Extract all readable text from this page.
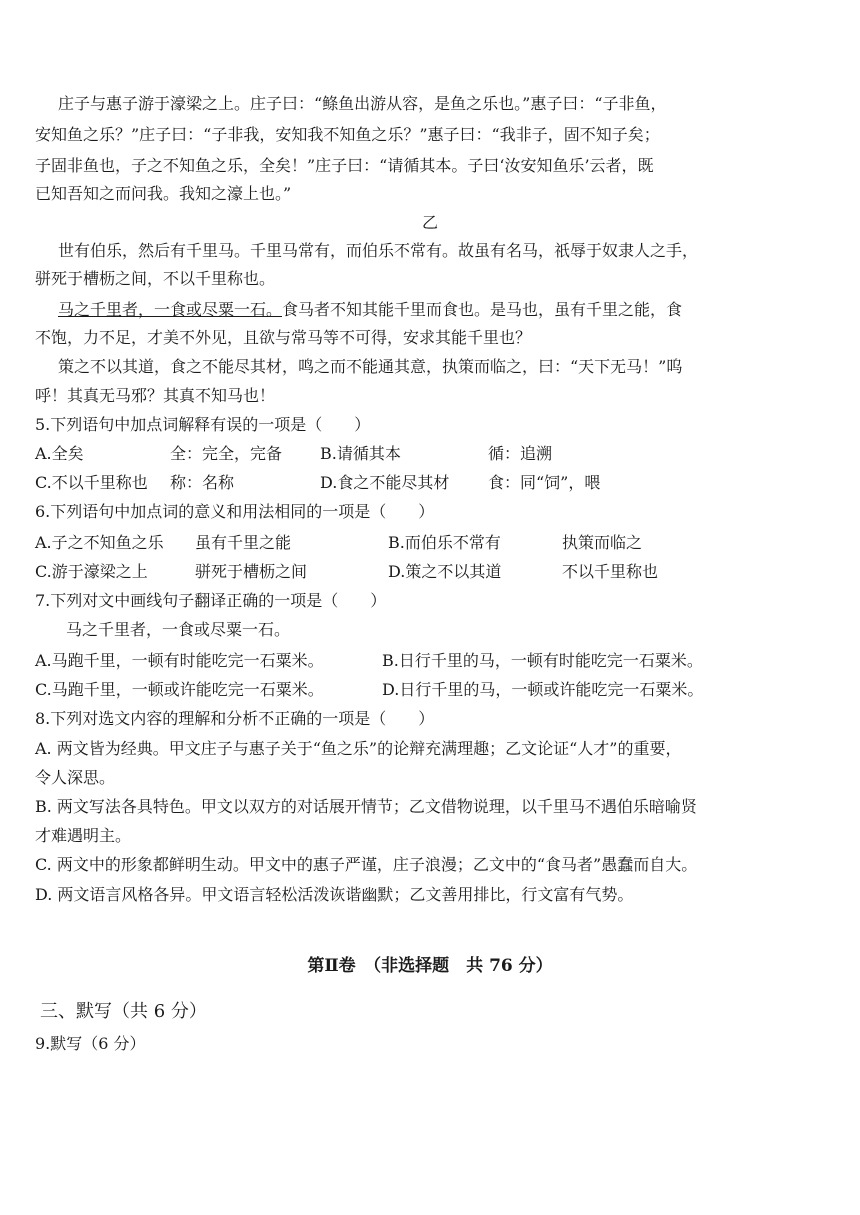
庄子与惠子游于濠梁之上。庄子曰：“鲦鱼出游从容，是鱼之乐也。”惠子曰：“子非鱼，
安知鱼之乐？”庄子曰：“子非我，安知我不知鱼之乐？”惠子曰：“我非子，固不知子矣；
子固非鱼也，子之不知鱼之乐，全矣！”庄子曰：“请循其本。子曰‘汝安知鱼乐’云者，既
已知吾知之而问我。我知之濠上也。”
乙
世有伯乐，然后有千里马。千里马常有，而伯乐不常有。故虽有名马，祇辱于奴隶人之手，
骈死于槽枥之间，不以千里称也。
马之千里者，一食或尽粟一石。食马者不知其能千里而食也。是马也，虽有千里之能，食
不饱，力不足，才美不外见，且欲与常马等不可得，安求其能千里也？
策之不以其道，食之不能尽其材，鸣之而不能通其意，执策而临之，曰：“天下无马！”呜
呼！其真无马邪？其真不知马也！
5.下列语句中加点词解释有误的一项是（　　）
A.全矣	全：完全，完备 B.请循其本	循：追溯
C.不以千里称也 称：名称	D.食之不能尽其材 食：同“饲”，喂
6.下列语句中加点词的意义和用法相同的一项是（　　）
A.子之不知鱼之乐 虽有千里之能	B.而伯乐不常有	执策而临之
C.游于濠梁之上	骈死于槽枥之间	D.策之不以其道	不以千里称也
7.下列对文中画线句子翻译正确的一项是（　　）
马之千里者，一食或尽粟一石。
A.马跑千里，一顿有时能吃完一石粟米。	B.日行千里的马，一顿有时能吃完一石粟米。
C.马跑千里，一顿或许能吃完一石粟米。	D.日行千里的马，一顿或许能吃完一石粟米。
8.下列对选文内容的理解和分析不正确的一项是（　　）
A. 两文皆为经典。甲文庄子与惠子关于“鱼之乐”的论辩充满理趣；乙文论证“人才”的重要，
令人深思。
B. 两文写法各具特色。甲文以双方的对话展开情节；乙文借物说理，以千里马不遇伯乐暗喻贤
才难遇明主。
C. 两文中的形象都鲜明生动。甲文中的惠子严谨，庄子浪漫；乙文中的“食马者”愚蠢而自大。
D. 两文语言风格各异。甲文语言轻松活泼诙谐幽默；乙文善用排比，行文富有气势。
第Ⅱ卷　（非选择题　共 76 分）
三、默写（共 6 分）
9.默写（6 分）
